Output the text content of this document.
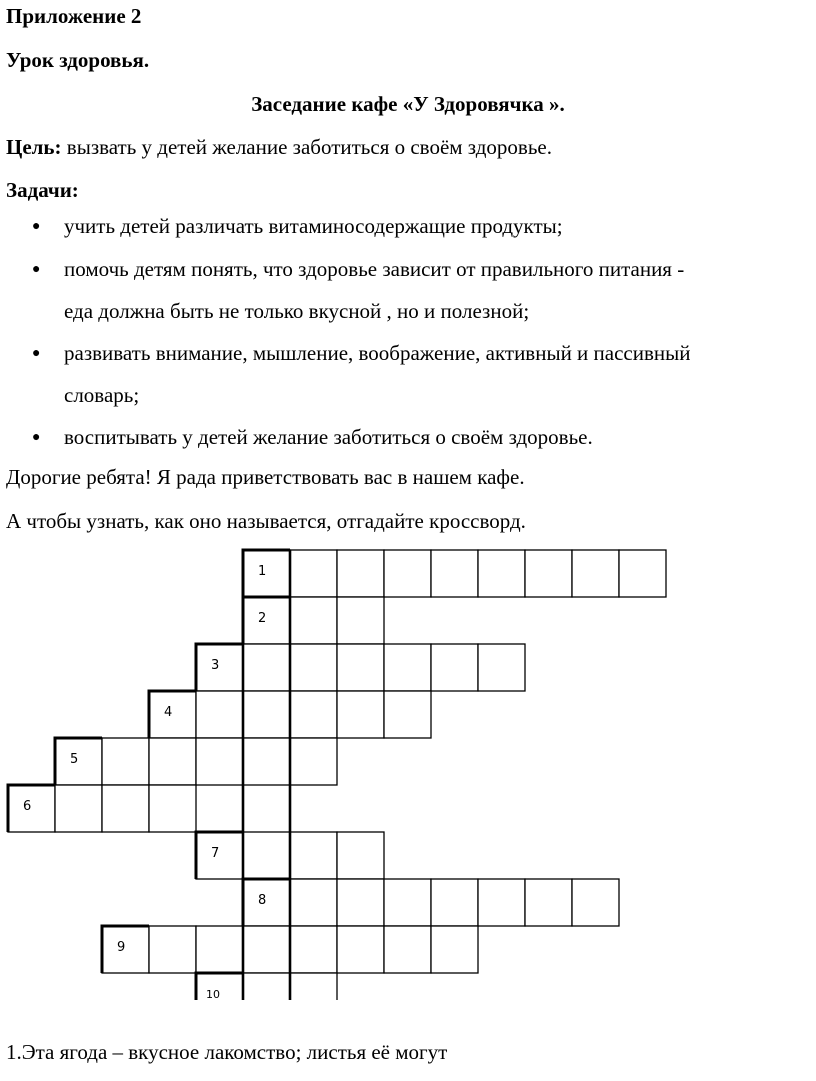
Приложение 2
Урок здоровья.
Заседание кафе «У Здоровячка ».
Цель: вызвать у детей желание заботиться о своём здоровье.
Задачи:
● учить детей различать витаминосодержащие продукты;
● помочь детям понять, что здоровье зависит от правильного питания -
еда должна быть не только вкусной , но и полезной;
● развивать внимание, мышление, воображение, активный и пассивный
словарь;
● воспитывать у детей желание заботиться о своём здоровье.
Дорогие ребята! Я рада приветствовать вас в нашем кафе.
А чтобы узнать, как оно называется, отгадайте кроссворд.
1
2
3
4
5
6
7
8
9
10
1.Эта ягода – вкусное лакомство; листья её могут
